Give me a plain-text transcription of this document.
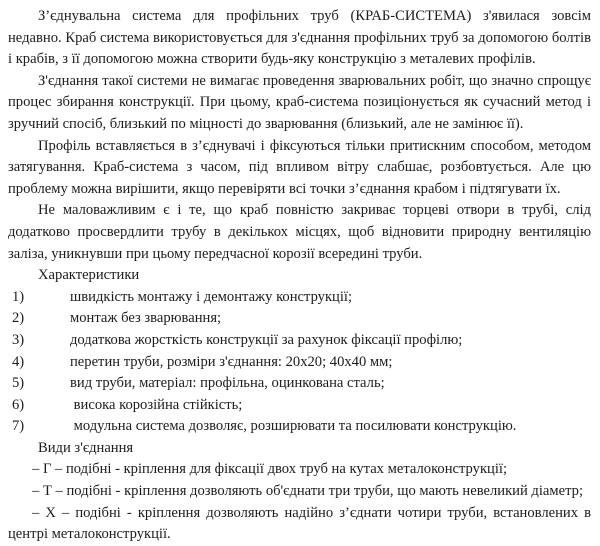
З’єднувальна система для профільних труб (КРАБ-СИСТЕМА) з'явилася зовсім недавно. Краб система використовується для з'єднання профільних труб за допомогою болтів і крабів, з її допомогою можна створити будь-яку конструкцію з металевих профілів.

З'єднання такої системи не вимагає проведення зварювальних робіт, що значно спрощує процес збирання конструкції. При цьому, краб-система позиціонується як сучасний метод і зручний спосіб, близький по міцності до зварювання (близький, але не замінює її).

Профіль вставляється в з’єднувачі і фіксуються тільки притискним способом, методом затягування. Краб-система з часом, під впливом вітру слабшає, розбовтується. Але цю проблему можна вирішити, якщо перевіряти всі точки з’єднання крабом і підтягувати їх.

Не маловажливим є і те, що краб повністю закриває торцеві отвори в трубі, слід додатково просвердлити трубу в декількох місцях, щоб відновити природну вентиляцію заліза, уникнувши при цьому передчасної корозії всередині труби.

Характеристики

1)	швидкість монтажу і демонтажу конструкції;
2)	монтаж без зварювання;
3)	додаткова жорсткість конструкції за рахунок фіксації профілю;
4)	перетин труби, розміри з'єднання: 20x20; 40x40 мм;
5)	вид труби, матеріал: профільна, оцинкована сталь;
6)	висока корозійна стійкість;
7)	модульна система дозволяє, розширювати та посилювати конструкцію.

Види з'єднання

– Г – подібні - кріплення для фіксації двох труб на кутах металоконструкції;

– Т – подібні - кріплення дозволяють об'єднати три труби, що мають невеликий діаметр;

– Х – подібні - кріплення дозволяють надійно з’єднати чотири труби, встановлених в центрі металоконструкції.
